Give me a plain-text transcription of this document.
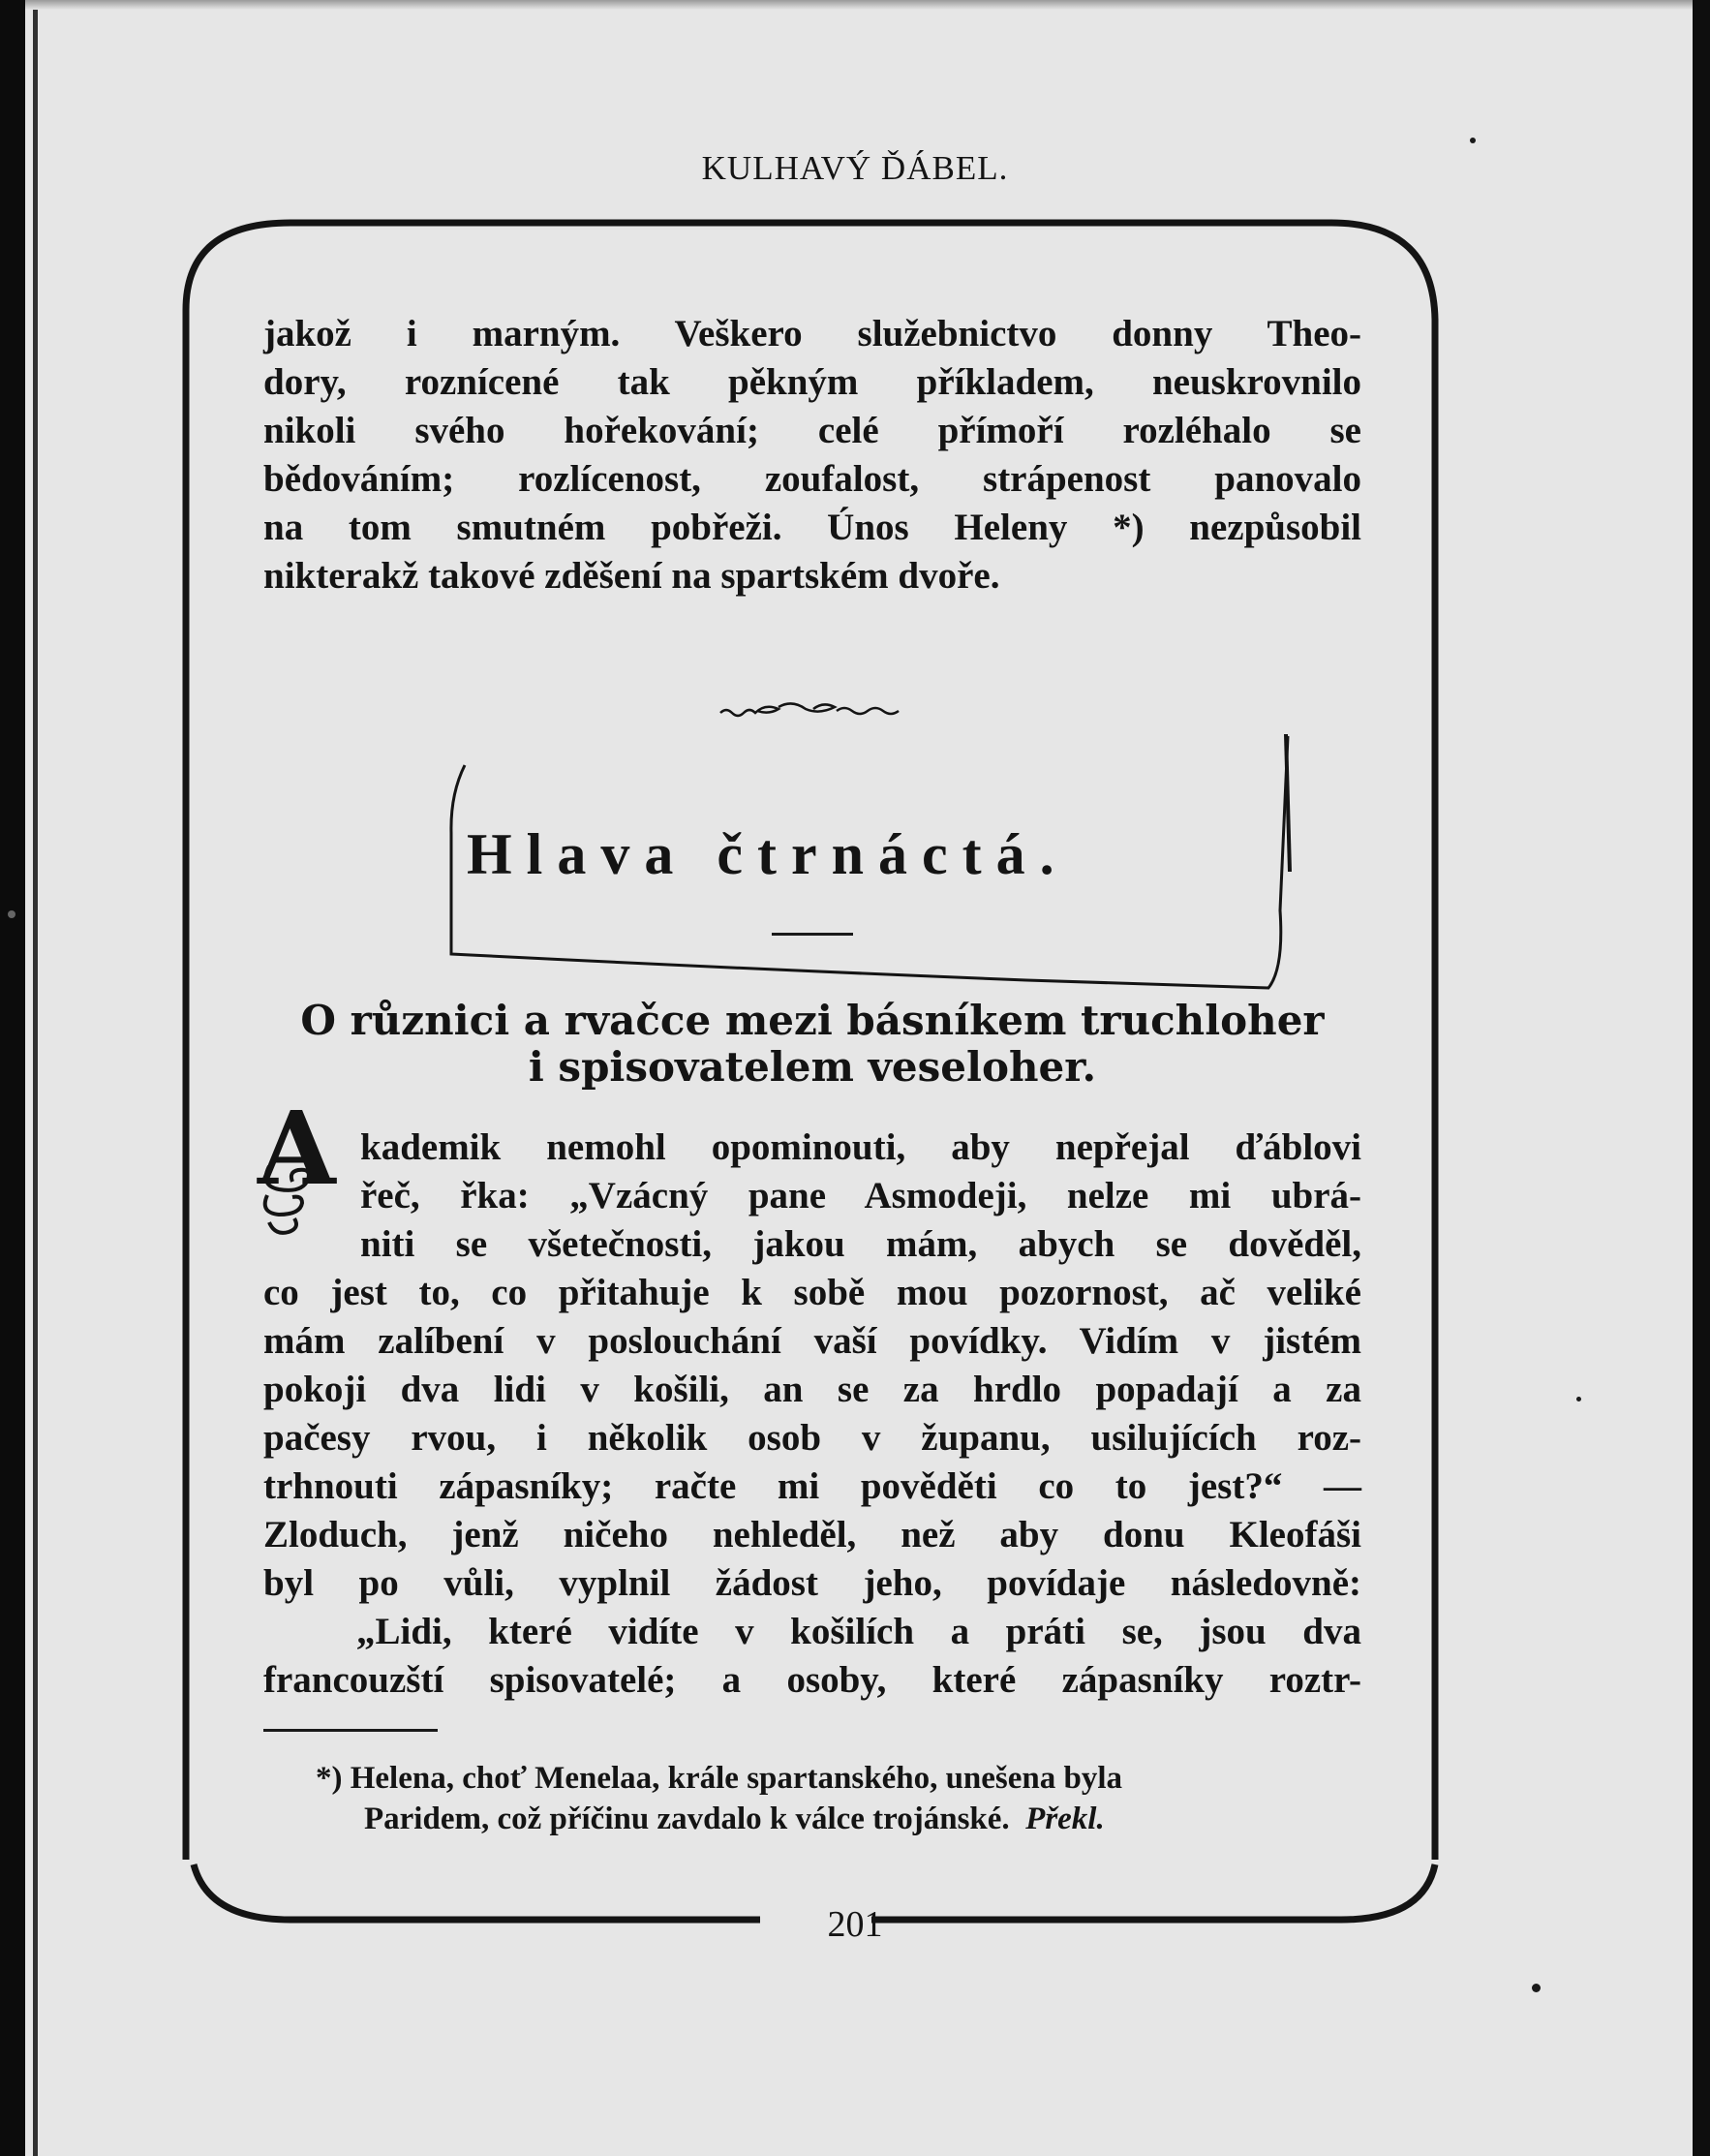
KULHAVÝ ĎÁBEL.

jakož i marným. Veškero služebnictvo donny Theo-

dory, roznícené tak pěkným příkladem, neuskrovnilo

nikoli svého hořekování; celé přímoří rozléhalo se

bědováním; rozlícenost, zoufalost, strápenost panovalo

na tom smutném pobřeži. Únos Heleny *) nezpůsobil

nikterakž takové zděšení na spartském dvoře.

Hlava čtrnáctá.
O různici a rvačce mezi básníkem truchloher
i spisovatelem veseloher.
A kademik nemohl opominouti, aby nepřejal ďáblovi

řeč, řka: „Vzácný pane Asmodeji, nelze mi ubrá-

niti se všetečnosti, jakou mám, abych se dověděl,

co jest to, co přitahuje k sobě mou pozornost, ač veliké

mám zalíbení v poslouchání vaší povídky. Vidím v jistém

pokoji dva lidi v košili, an se za hrdlo popadají a za

pačesy rvou, i několik osob v županu, usilujících roz-

trhnouti zápasníky; račte mi pověděti co to jest?“ —

Zloduch, jenž ničeho nehleděl, než aby donu Kleofáši

byl po vůli, vyplnil žádost jeho, povídaje následovně:

„Lidi, které vidíte v košilích a práti se, jsou dva

francouzští spisovatelé; a osoby, které zápasníky roztr-

*) Helena, choť Menelaa, krále spartanského, unešena byla
Paridem, což příčinu zavdalo k válce trojánské. Překl.
201
